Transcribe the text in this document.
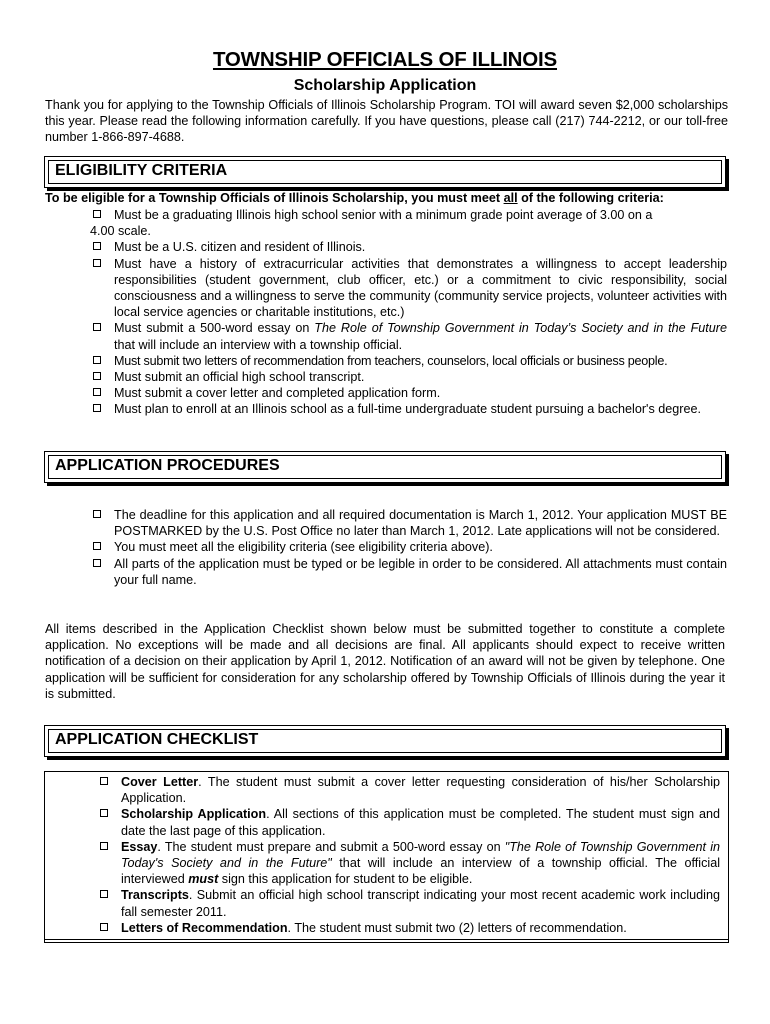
TOWNSHIP OFFICIALS OF ILLINOIS
Scholarship Application
Thank you for applying to the Township Officials of Illinois Scholarship Program. TOI will award seven $2,000 scholarships this year. Please read the following information carefully. If you have questions, please call (217) 744-2212, or our toll-free number 1-866-897-4688.
ELIGIBILITY CRITERIA
To be eligible for a Township Officials of Illinois Scholarship, you must meet all of the following criteria:
Must be a graduating Illinois high school senior with a minimum grade point average of 3.00 on a
4.00 scale.
Must be a U.S. citizen and resident of Illinois.
Must have a history of extracurricular activities that demonstrates a willingness to accept leadership responsibilities (student government, club officer, etc.) or a commitment to civic responsibility, social consciousness and a willingness to serve the community (community service projects, volunteer activities with local service agencies or charitable institutions, etc.)
Must submit a 500-word essay on The Role of Township Government in Today’s Society and in the Future that will include an interview with a township official.
Must submit two letters of recommendation from teachers, counselors, local officials or business people.
Must submit an official high school transcript.
Must submit a cover letter and completed application form.
Must plan to enroll at an Illinois school as a full-time undergraduate student pursuing a bachelor's degree.
APPLICATION PROCEDURES
The deadline for this application and all required documentation is March 1, 2012. Your application MUST BE POSTMARKED by the U.S. Post Office no later than March 1, 2012. Late applications will not be considered.
You must meet all the eligibility criteria (see eligibility criteria above).
All parts of the application must be typed or be legible in order to be considered. All attachments must contain your full name.
All items described in the Application Checklist shown below must be submitted together to constitute a complete application. No exceptions will be made and all decisions are final. All applicants should expect to receive written notification of a decision on their application by April 1, 2012. Notification of an award will not be given by telephone. One application will be sufficient for consideration for any scholarship offered by Township Officials of Illinois during the year it is submitted.
APPLICATION CHECKLIST
Cover Letter. The student must submit a cover letter requesting consideration of his/her Scholarship Application.
Scholarship Application. All sections of this application must be completed. The student must sign and date the last page of this application.
Essay. The student must prepare and submit a 500-word essay on "The Role of Township Government in Today's Society and in the Future" that will include an interview of a township official. The official interviewed must sign this application for student to be eligible.
Transcripts. Submit an official high school transcript indicating your most recent academic work including fall semester 2011.
Letters of Recommendation. The student must submit two (2) letters of recommendation.
